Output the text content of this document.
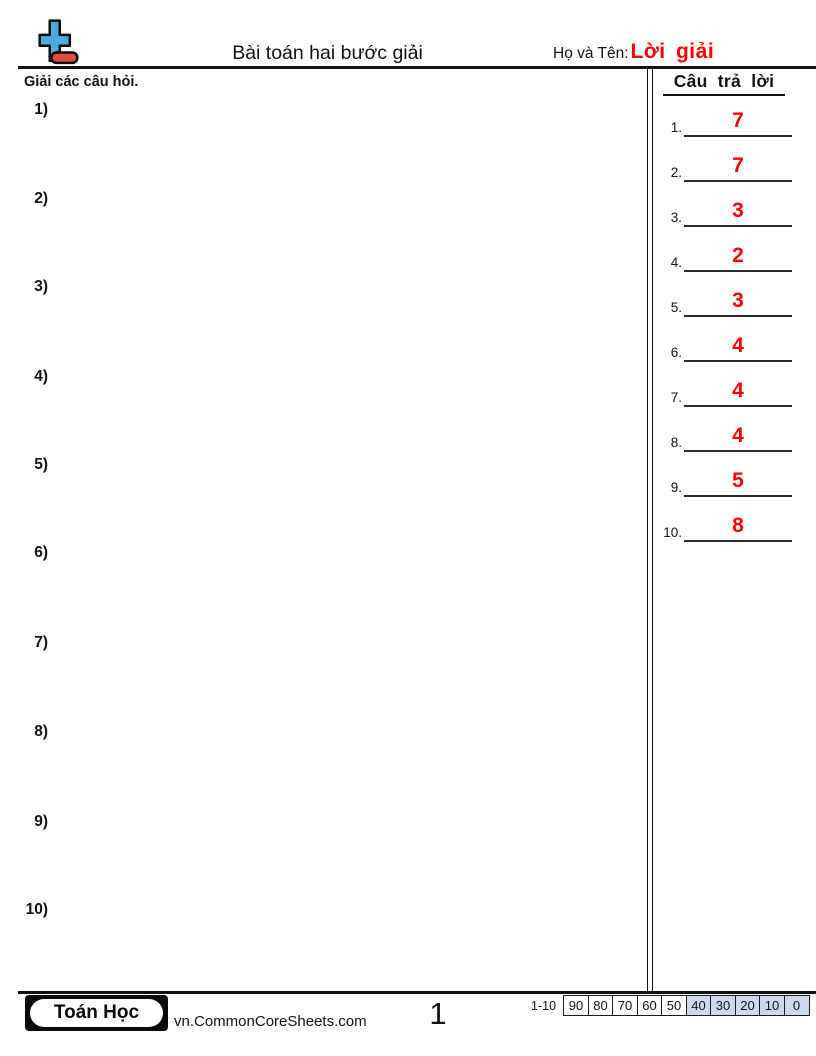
Bài toán hai bước giải	Họ và Tên: Lời giải
Giải các câu hỏi.
1)
2)
3)
4)
5)
6)
7)
8)
9)
10)
Câu trả lời
1.	7
2.	7
3.	3
4.	2
5.	3
6.	4
7.	4
8.	4
9.	5
10.	8
Toán Học	vn.CommonCoreSheets.com	1	1-10 90 80 70 60 50 40 30 20 10	0
